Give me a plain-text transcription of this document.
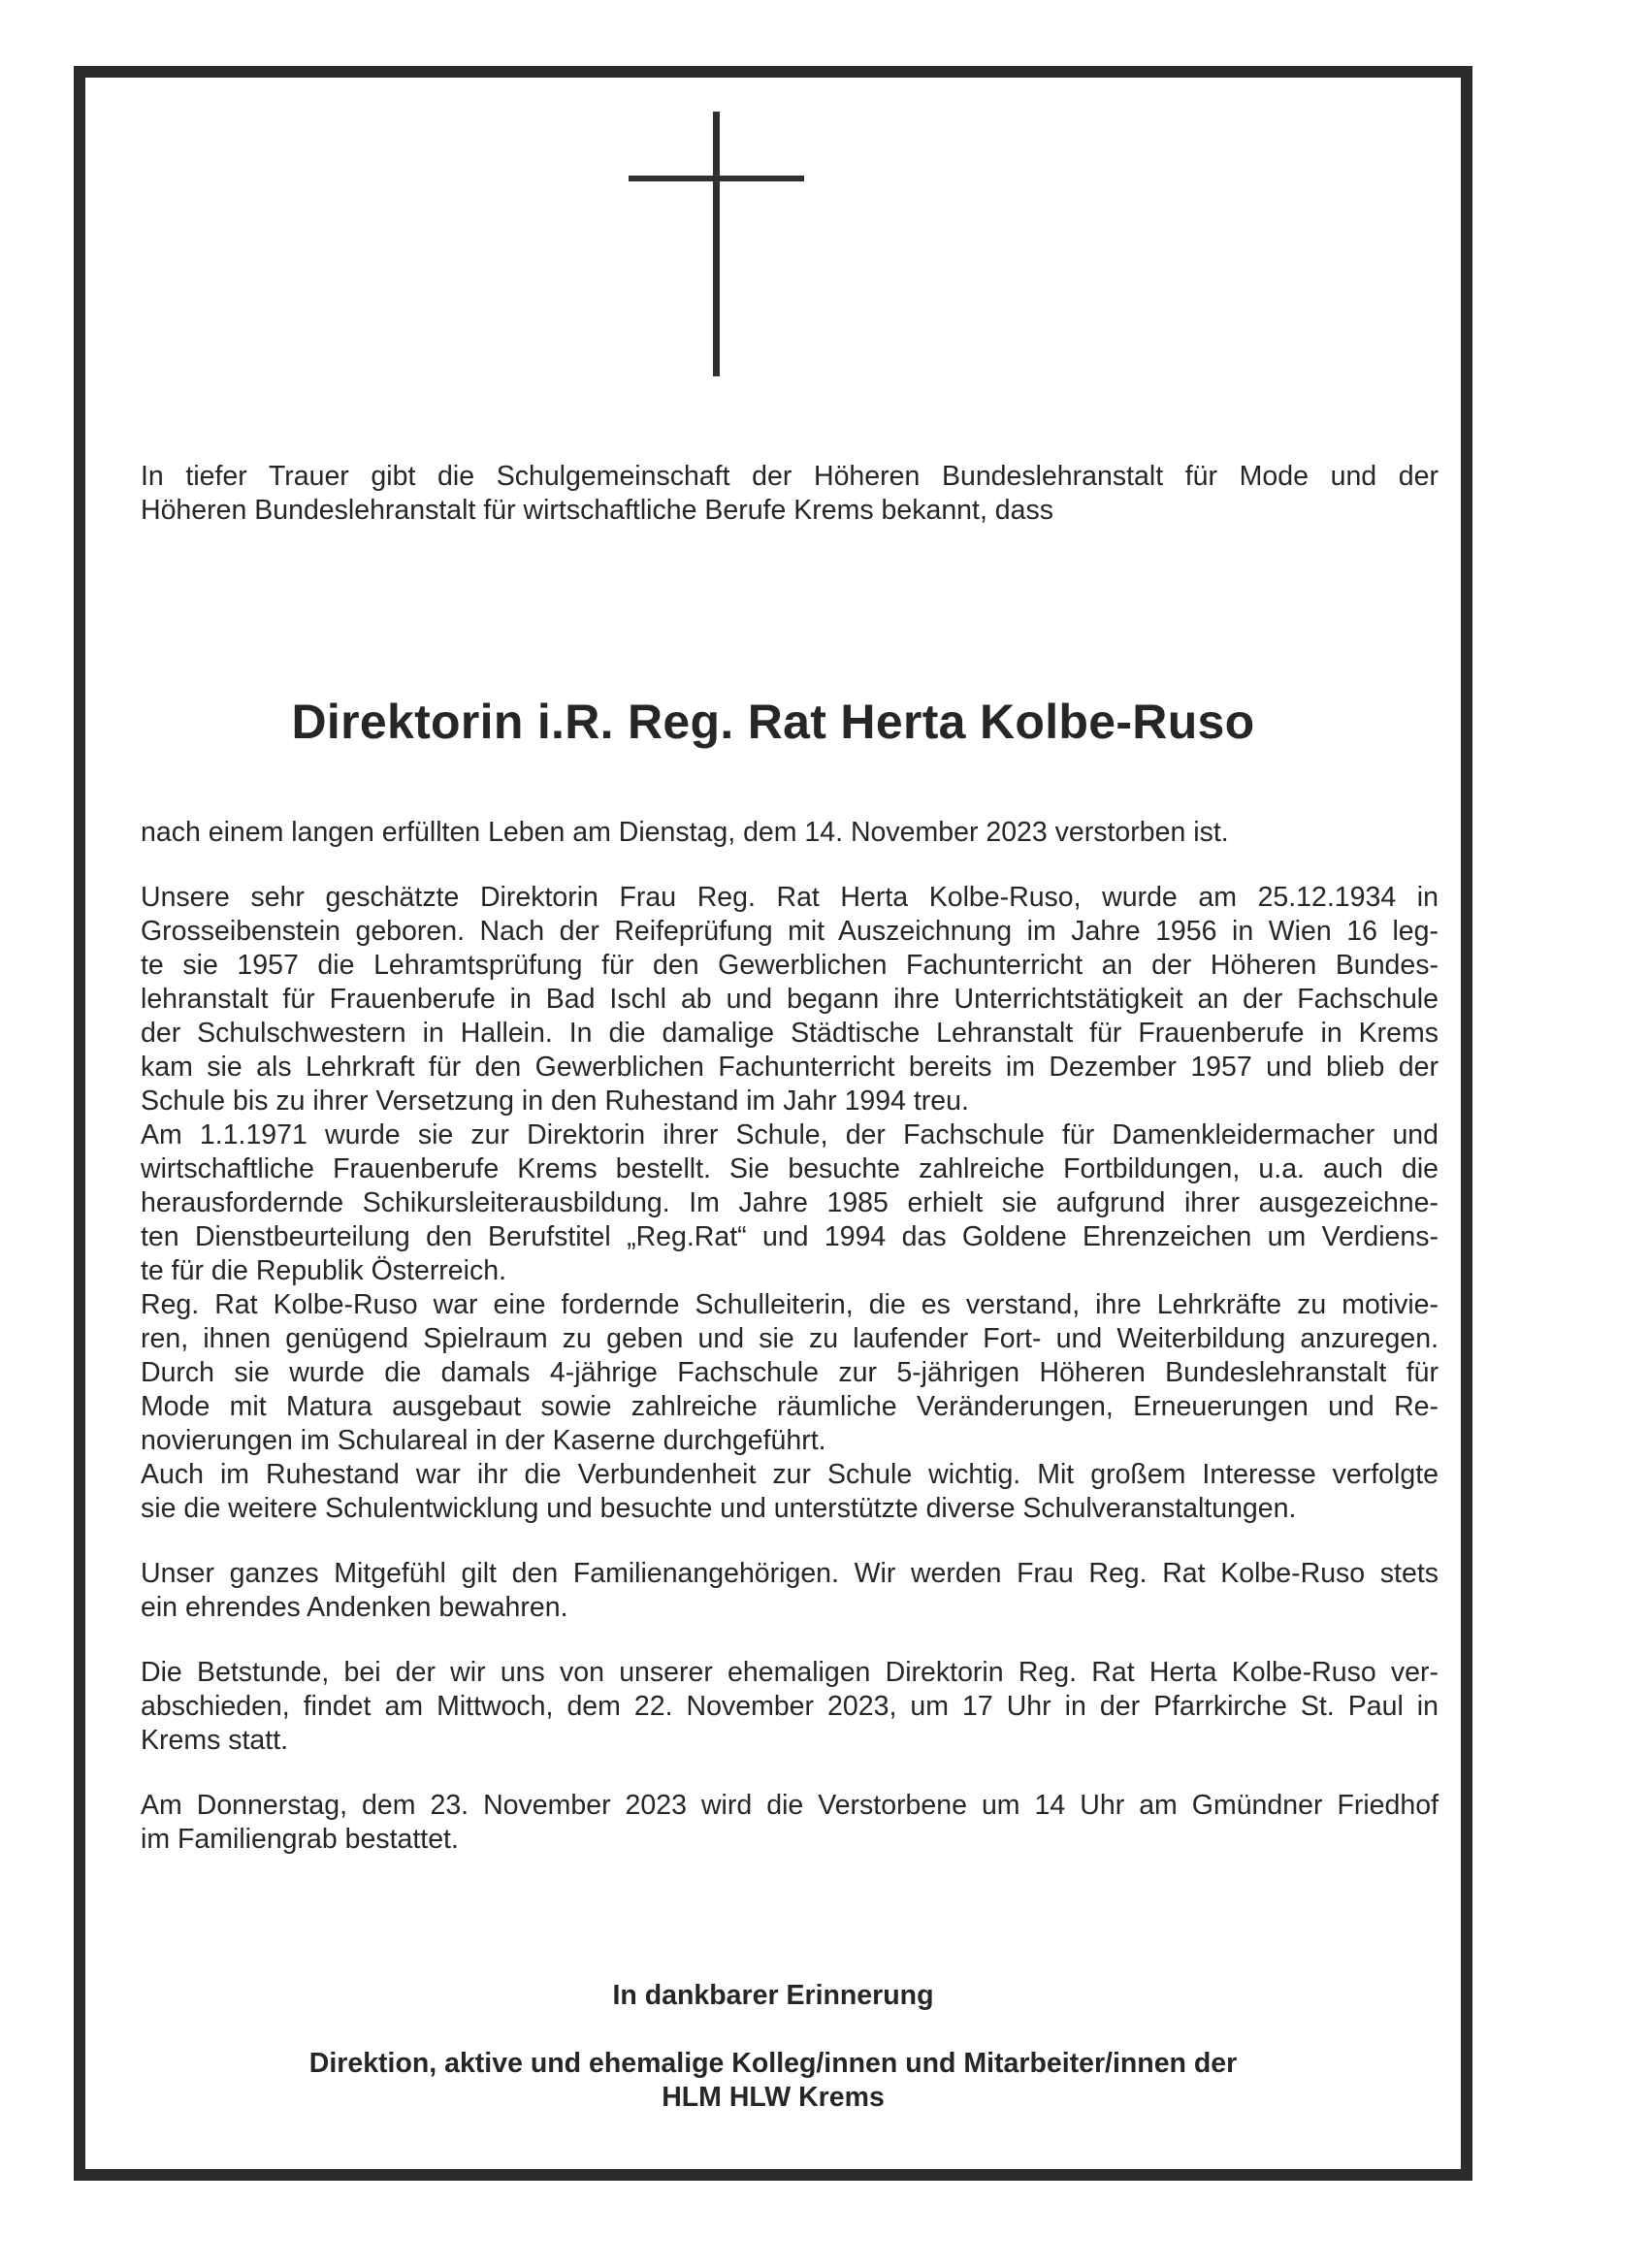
In tiefer Trauer gibt die Schulgemeinschaft der Höheren Bundeslehranstalt für Mode und der
Höheren Bundeslehranstalt für wirtschaftliche Berufe Krems bekannt, dass

Direktorin i.R. Reg. Rat Herta Kolbe-Ruso
nach einem langen erfüllten Leben am Dienstag, dem 14. November 2023 verstorben ist.
Unsere sehr geschätzte Direktorin Frau Reg. Rat Herta Kolbe-Ruso, wurde am 25.12.1934 in
Grosseibenstein geboren. Nach der Reifeprüfung mit Auszeichnung im Jahre 1956 in Wien 16 leg-
te sie 1957 die Lehramtsprüfung für den Gewerblichen Fachunterricht an der Höheren Bundes-
lehranstalt für Frauenberufe in Bad Ischl ab und begann ihre Unterrichtstätigkeit an der Fachschule
der Schulschwestern in Hallein. In die damalige Städtische Lehranstalt für Frauenberufe in Krems
kam sie als Lehrkraft für den Gewerblichen Fachunterricht bereits im Dezember 1957 und blieb der
Schule bis zu ihrer Versetzung in den Ruhestand im Jahr 1994 treu.
Am 1.1.1971 wurde sie zur Direktorin ihrer Schule, der Fachschule für Damenkleidermacher und
wirtschaftliche Frauenberufe Krems bestellt. Sie besuchte zahlreiche Fortbildungen, u.a. auch die
herausfordernde Schikursleiterausbildung. Im Jahre 1985 erhielt sie aufgrund ihrer ausgezeichne-
ten Dienstbeurteilung den Berufstitel „Reg.Rat“ und 1994 das Goldene Ehrenzeichen um Verdiens-
te für die Republik Österreich.
Reg. Rat Kolbe-Ruso war eine fordernde Schulleiterin, die es verstand, ihre Lehrkräfte zu motivie-
ren, ihnen genügend Spielraum zu geben und sie zu laufender Fort- und Weiterbildung anzuregen.
Durch sie wurde die damals 4-jährige Fachschule zur 5-jährigen Höheren Bundeslehranstalt für
Mode mit Matura ausgebaut sowie zahlreiche räumliche Veränderungen, Erneuerungen und Re-
novierungen im Schulareal in der Kaserne durchgeführt.
Auch im Ruhestand war ihr die Verbundenheit zur Schule wichtig. Mit großem Interesse verfolgte
sie die weitere Schulentwicklung und besuchte und unterstützte diverse Schulveranstaltungen.
Unser ganzes Mitgefühl gilt den Familienangehörigen. Wir werden Frau Reg. Rat Kolbe-Ruso stets
ein ehrendes Andenken bewahren.
Die Betstunde, bei der wir uns von unserer ehemaligen Direktorin Reg. Rat Herta Kolbe-Ruso ver-
abschieden, findet am Mittwoch, dem 22. November 2023, um 17 Uhr in der Pfarrkirche St. Paul in
Krems statt.
Am Donnerstag, dem 23. November 2023 wird die Verstorbene um 14 Uhr am Gmündner Friedhof
im Familiengrab bestattet.

In dankbarer Erinnerung

Direktion, aktive und ehemalige Kolleg/innen und Mitarbeiter/innen der
HLM HLW Krems
